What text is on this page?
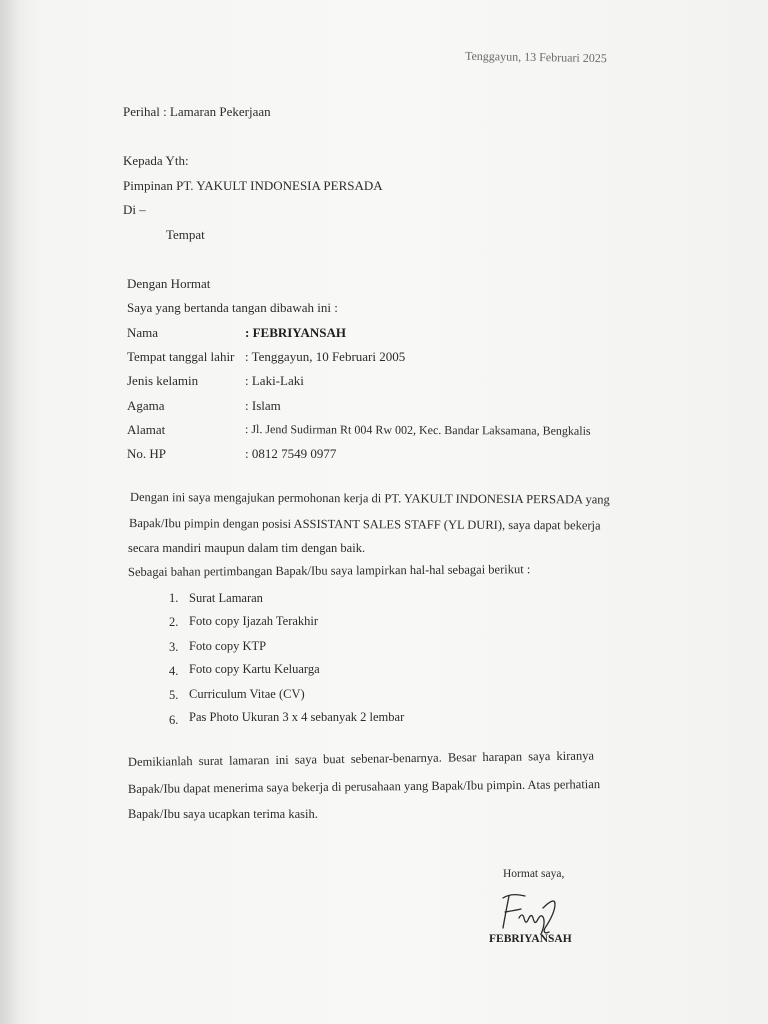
Tenggayun, 13 Februari 2025
Perihal : Lamaran Pekerjaan
Kepada Yth:
Pimpinan PT. YAKULT INDONESIA PERSADA
Di –
Tempat
Dengan Hormat
Saya yang bertanda tangan dibawah ini :
Nama	: FEBRIYANSAH
Tempat tanggal lahir : Tenggayun, 10 Februari 2005
Jenis kelamin	: Laki-Laki
Agama	: Islam
Alamat	: Jl. Jend Sudirman Rt 004 Rw 002, Kec. Bandar Laksamana, Bengkalis
No. HP	: 0812 7549 0977
Dengan ini saya mengajukan permohonan kerja di PT. YAKULT INDONESIA PERSADA yang
Bapak/Ibu pimpin dengan posisi ASSISTANT SALES STAFF (YL DURI), saya dapat bekerja
secara mandiri maupun dalam tim dengan baik.
Sebagai bahan pertimbangan Bapak/Ibu saya lampirkan hal-hal sebagai berikut :
1. Surat Lamaran
2. Foto copy Ijazah Terakhir
3. Foto copy KTP
4. Foto copy Kartu Keluarga
5. Curriculum Vitae (CV)
6. Pas Photo Ukuran 3 x 4 sebanyak 2 lembar
Demikianlah surat lamaran ini saya buat sebenar-benarnya. Besar harapan saya kiranya
Bapak/Ibu dapat menerima saya bekerja di perusahaan yang Bapak/Ibu pimpin. Atas perhatian
Bapak/Ibu saya ucapkan terima kasih.
Hormat saya,
FEBRIYANSAH
